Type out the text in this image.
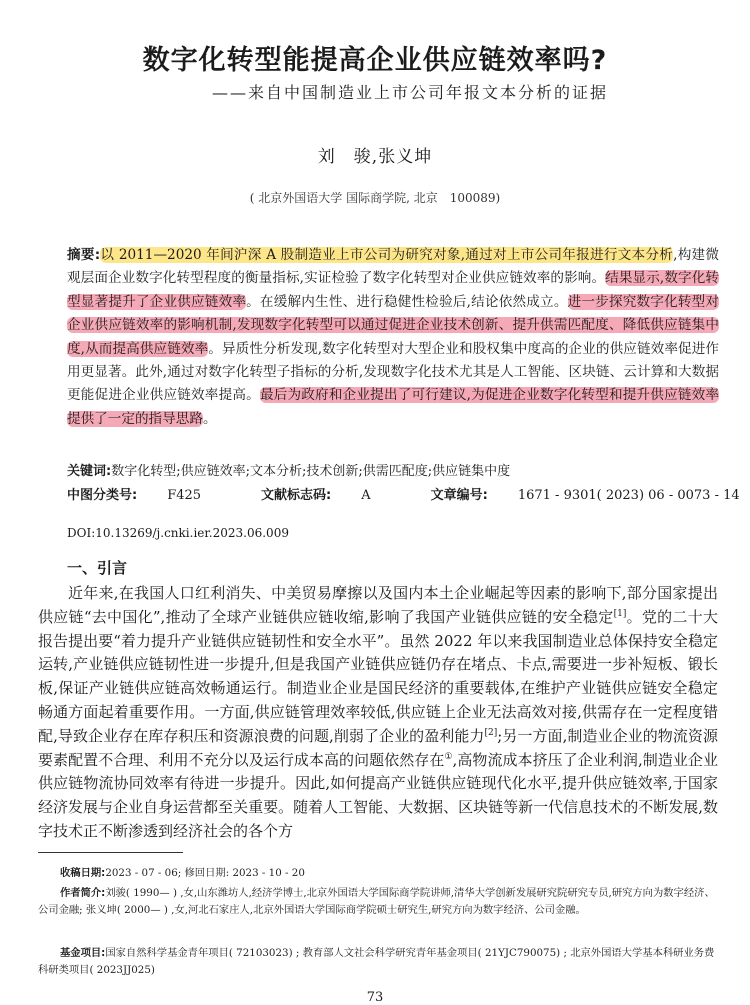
数字化转型能提高企业供应链效率吗?
——来自中国制造业上市公司年报文本分析的证据
刘　骏,张义坤
( 北京外国语大学 国际商学院, 北京　100089)
摘要:以 2011—2020 年间沪深 A 股制造业上市公司为研究对象,通过对上市公司年报进行文本分析,构建微观层面企业数字化转型程度的衡量指标,实证检验了数字化转型对企业供应链效率的影响。结果显示,数字化转型显著提升了企业供应链效率。在缓解内生性、进行稳健性检验后,结论依然成立。进一步探究数字化转型对企业供应链效率的影响机制,发现数字化转型可以通过促进企业技术创新、提升供需匹配度、降低供应链集中度,从而提高供应链效率。异质性分析发现,数字化转型对大型企业和股权集中度高的企业的供应链效率促进作用更显著。此外,通过对数字化转型子指标的分析,发现数字化技术尤其是人工智能、区块链、云计算和大数据更能促进企业供应链效率提高。最后为政府和企业提出了可行建议,为促进企业数字化转型和提升供应链效率提供了一定的指导思路。
关键词:数字化转型;供应链效率;文本分析;技术创新;供需匹配度;供应链集中度
中图分类号: F425	文献标志码: A	文章编号: 1671 - 9301( 2023) 06 - 0073 - 14
DOI:10.13269/j.cnki.ier.2023.06.009
一、引言
近年来,在我国人口红利消失、中美贸易摩擦以及国内本土企业崛起等因素的影响下,部分国家提出供应链“去中国化”,推动了全球产业链供应链收缩,影响了我国产业链供应链的安全稳定[1]。党的二十大报告提出要“着力提升产业链供应链韧性和安全水平”。虽然 2022 年以来我国制造业总体保持安全稳定运转,产业链供应链韧性进一步提升,但是我国产业链供应链仍存在堵点、卡点,需要进一步补短板、锻长板,保证产业链供应链高效畅通运行。制造业企业是国民经济的重要载体,在维护产业链供应链安全稳定畅通方面起着重要作用。一方面,供应链管理效率较低,供应链上企业无法高效对接,供需存在一定程度错配,导致企业存在库存积压和资源浪费的问题,削弱了企业的盈利能力[2];另一方面,制造业企业的物流资源要素配置不合理、利用不充分以及运行成本高的问题依然存在①,高物流成本挤压了企业利润,制造业企业供应链物流协同效率有待进一步提升。因此,如何提高产业链供应链现代化水平,提升供应链效率,于国家经济发展与企业自身运营都至关重要。随着人工智能、大数据、区块链等新一代信息技术的不断发展,数字技术正不断渗透到经济社会的各个方
收稿日期:2023 - 07 - 06; 修回日期: 2023 - 10 - 20
作者简介:刘骏( 1990— ) ,女,山东潍坊人,经济学博士,北京外国语大学国际商学院讲师,清华大学创新发展研究院研究专员,研究方向为数字经济、公司金融; 张义坤( 2000— ) ,女,河北石家庄人,北京外国语大学国际商学院硕士研究生,研究方向为数字经济、公司金融。
基金项目:国家自然科学基金青年项目( 72103023) ; 教育部人文社会科学研究青年基金项目( 21YJC790075) ; 北京外国语大学基本科研业务费科研类项目( 2023JJ025)
73
